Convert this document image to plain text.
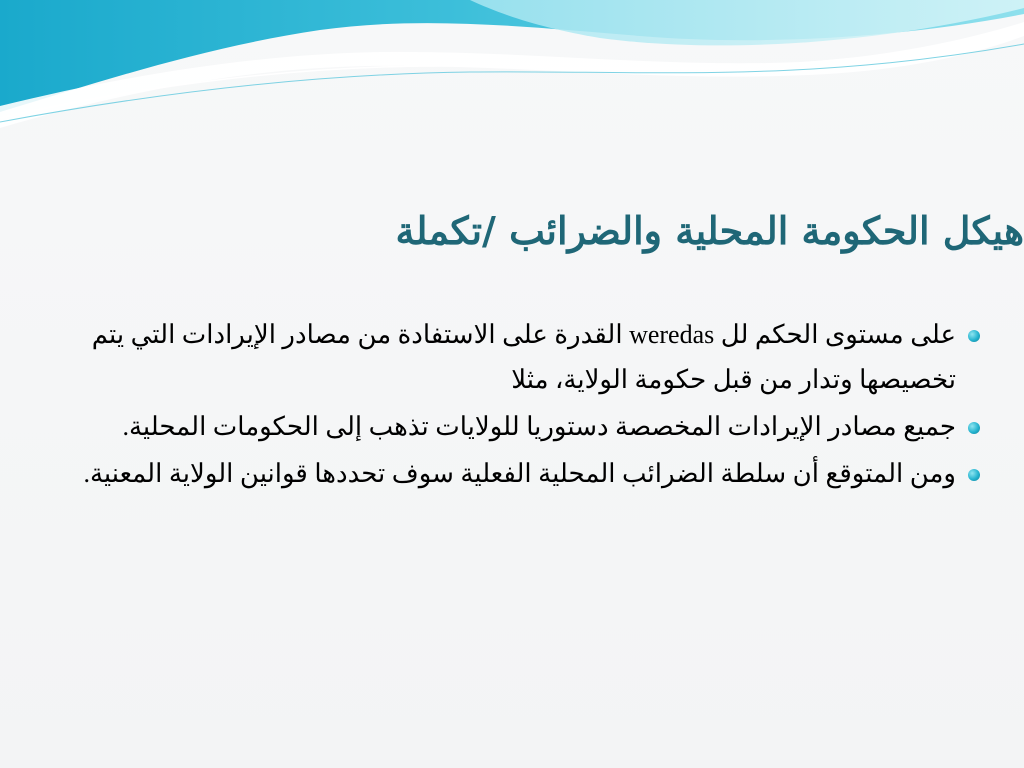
هيكل الحكومة المحلية والضرائب /تكملة
على مستوى الحكم لل weredas القدرة على الاستفادة من مصادر الإيرادات التي يتم تخصيصها وتدار من قبل حكومة الولاية، مثلا
جميع مصادر الإيرادات المخصصة دستوريا للولايات تذهب إلى الحكومات المحلية.
ومن المتوقع أن سلطة الضرائب المحلية الفعلية سوف تحددها قوانين الولاية المعنية.
